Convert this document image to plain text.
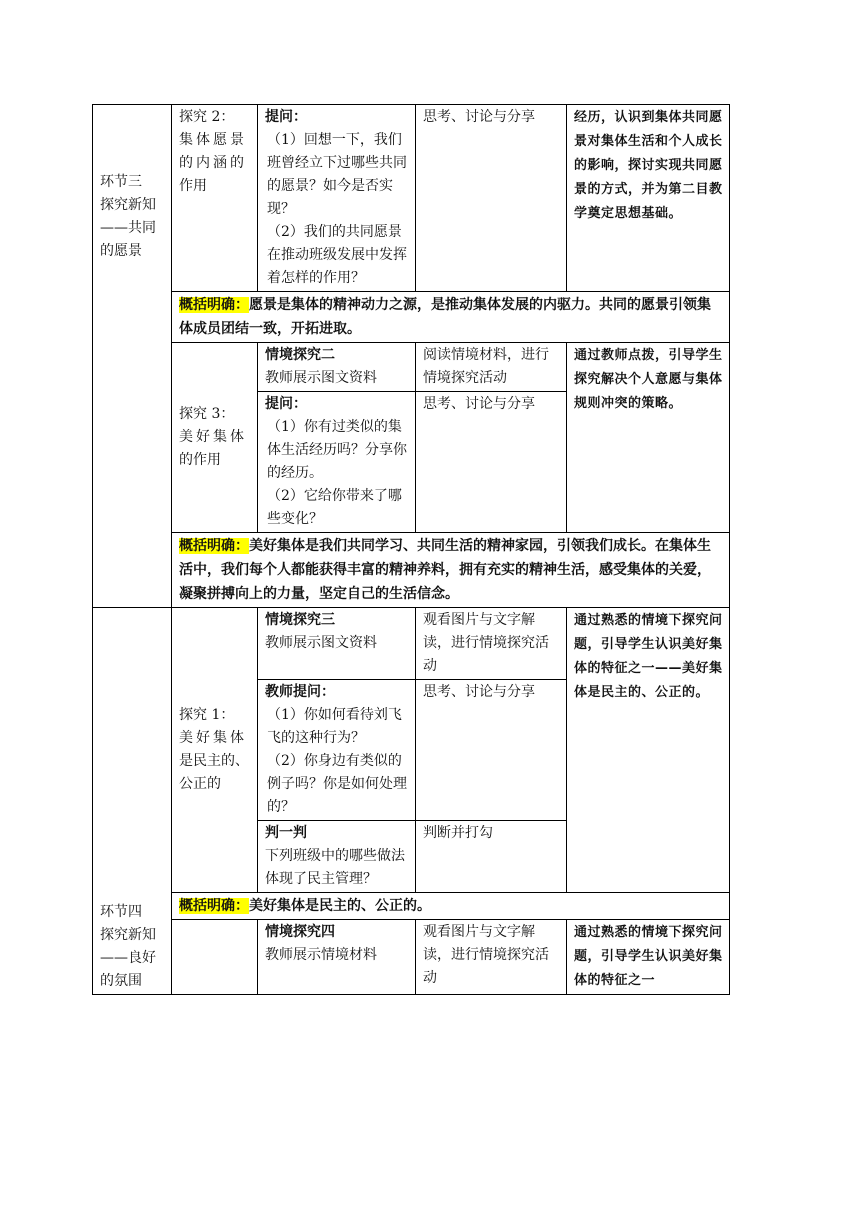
环节三
探究新知
——共同
的愿景	探究 2：
集体愿景
的内涵的
作用	提问：
（1）回想一下，我们班曾经立下过哪些共同的愿景？如今是否实现？
（2）我们的共同愿景在推动班级发展中发挥着怎样的作用？	思考、讨论与分享	经历，认识到集体共同愿景对集体生活和个人成长的影响，探讨实现共同愿景的方式，并为第二目教学奠定思想基础。
	概括明确：愿景是集体的精神动力之源，是推动集体发展的内驱力。共同的愿景引领集体成员团结一致，开拓进取。			

	探究 3：
美好集体
的作用	情境探究二
教师展示图文资料	阅读情境材料，进行情境探究活动	通过教师点拨，引导学生探究解决个人意愿与集体规则冲突的策略。

		提问：
（1）你有过类似的集体生活经历吗？分享你的经历。
（2）它给你带来了哪些变化？	思考、讨论与分享	
	概括明确：美好集体是我们共同学习、共同生活的精神家园，引领我们成长。在集体生活中，我们每个人都能获得丰富的精神养料，拥有充实的精神生活，感受集体的关爱，凝聚拼搏向上的力量，坚定自己的生活信念。			

环节四
探究新知
——良好
的氛围	探究 1：
美好集体
是民主的、
公正的	情境探究三
教师展示图文资料	观看图片与文字解读，进行情境探究活动	通过熟悉的情境下探究问题，引导学生认识美好集体的特征之一——美好集体是民主的、公正的。

		教师提问：
（1）你如何看待刘飞飞的这种行为？
（2）你身边有类似的例子吗？你是如何处理的？	思考、讨论与分享	

		判一判
下列班级中的哪些做法体现了民主管理？	判断并打勾	
	概括明确：美好集体是民主的、公正的。			

		情境探究四
教师展示情境材料	观看图片与文字解读，进行情境探究活动	通过熟悉的情境下探究问题，引导学生认识美好集体的特征之一
